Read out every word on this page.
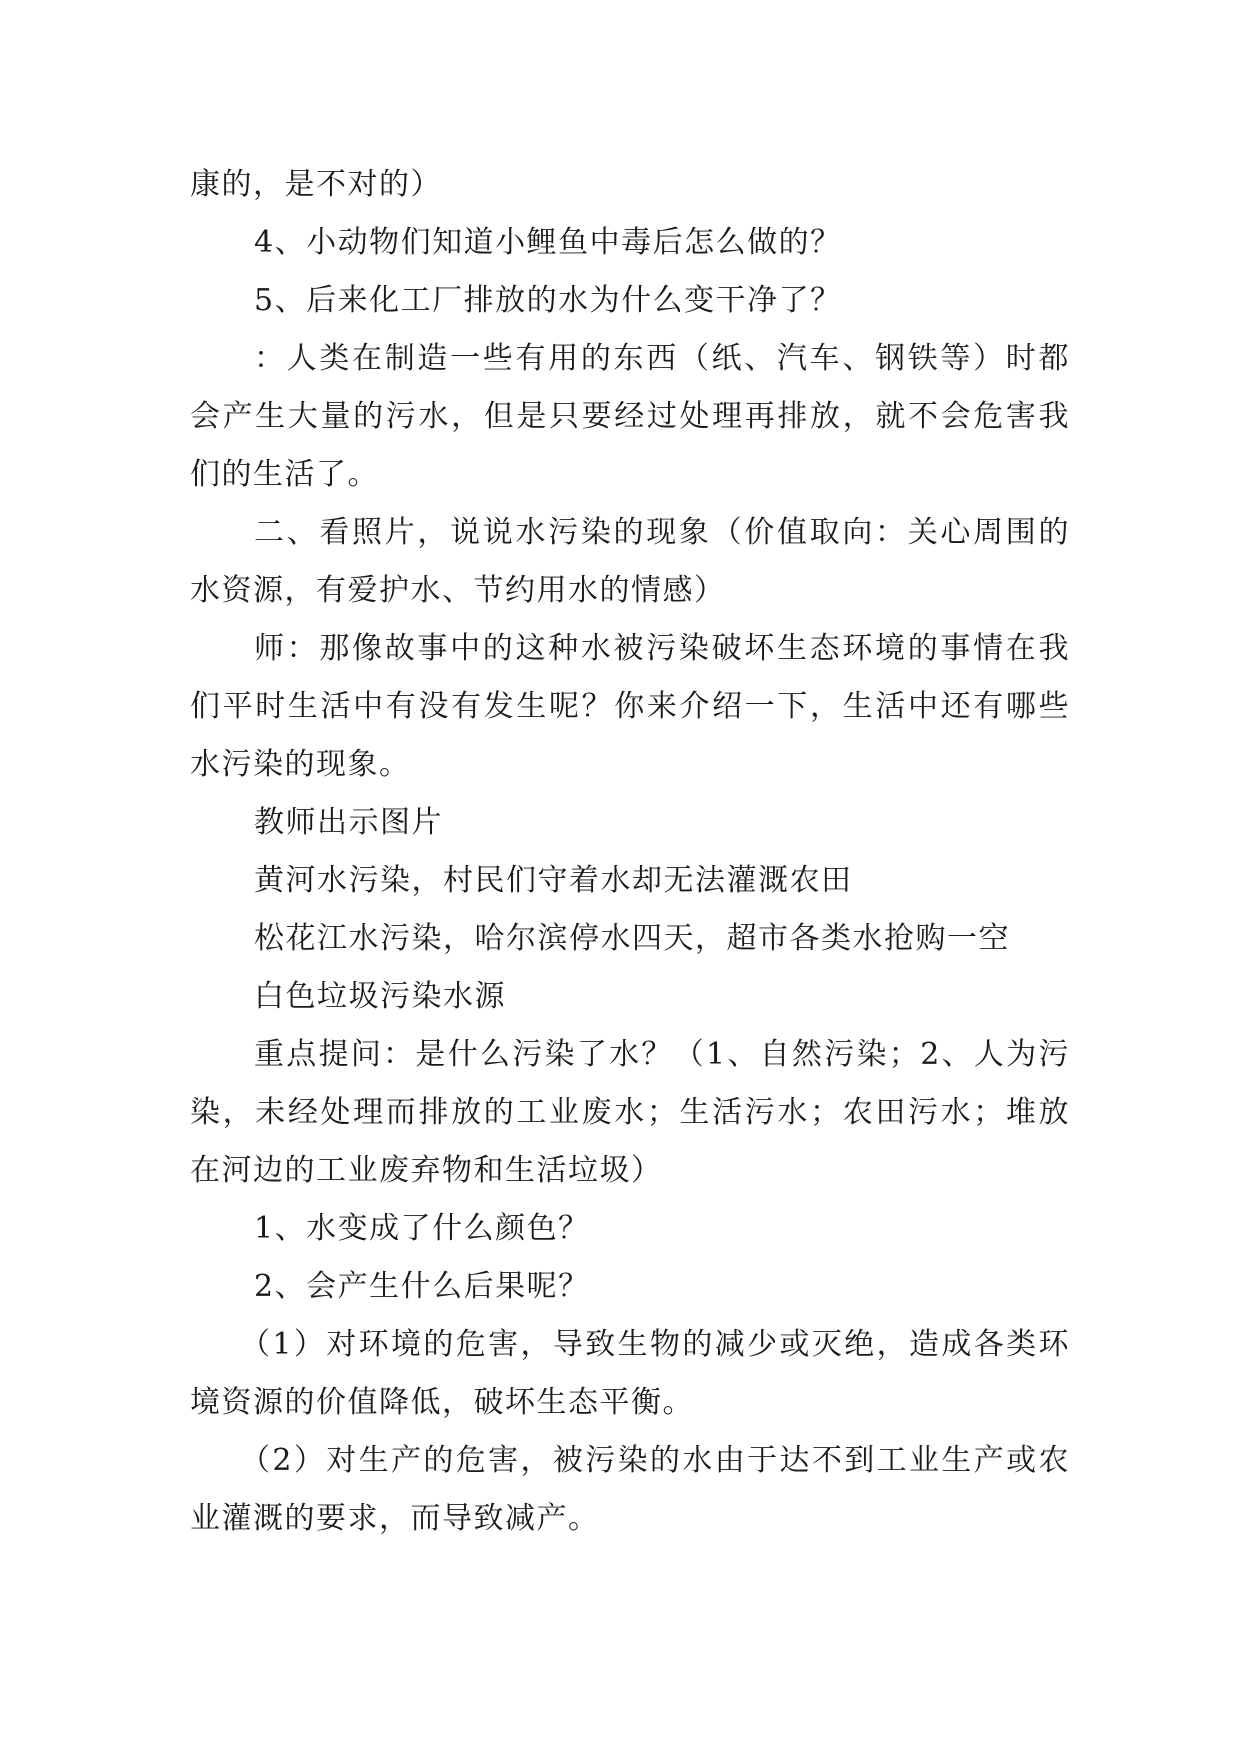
康的，是不对的）

4、小动物们知道小鲤鱼中毒后怎么做的？

5、后来化工厂排放的水为什么变干净了？

：人类在制造一些有用的东西（纸、汽车、钢铁等）时都会产生大量的污水，但是只要经过处理再排放，就不会危害我们的生活了。

二、看照片，说说水污染的现象（价值取向：关心周围的水资源，有爱护水、节约用水的情感）

师：那像故事中的这种水被污染破坏生态环境的事情在我们平时生活中有没有发生呢？你来介绍一下，生活中还有哪些水污染的现象。

教师出示图片

黄河水污染，村民们守着水却无法灌溉农田

松花江水污染，哈尔滨停水四天，超市各类水抢购一空

白色垃圾污染水源

重点提问：是什么污染了水？（1、自然污染；2、人为污染，未经处理而排放的工业废水；生活污水；农田污水；堆放在河边的工业废弃物和生活垃圾）

1、水变成了什么颜色？

2、会产生什么后果呢？

（1）对环境的危害，导致生物的减少或灭绝，造成各类环境资源的价值降低，破坏生态平衡。

（2）对生产的危害，被污染的水由于达不到工业生产或农业灌溉的要求，而导致减产。
